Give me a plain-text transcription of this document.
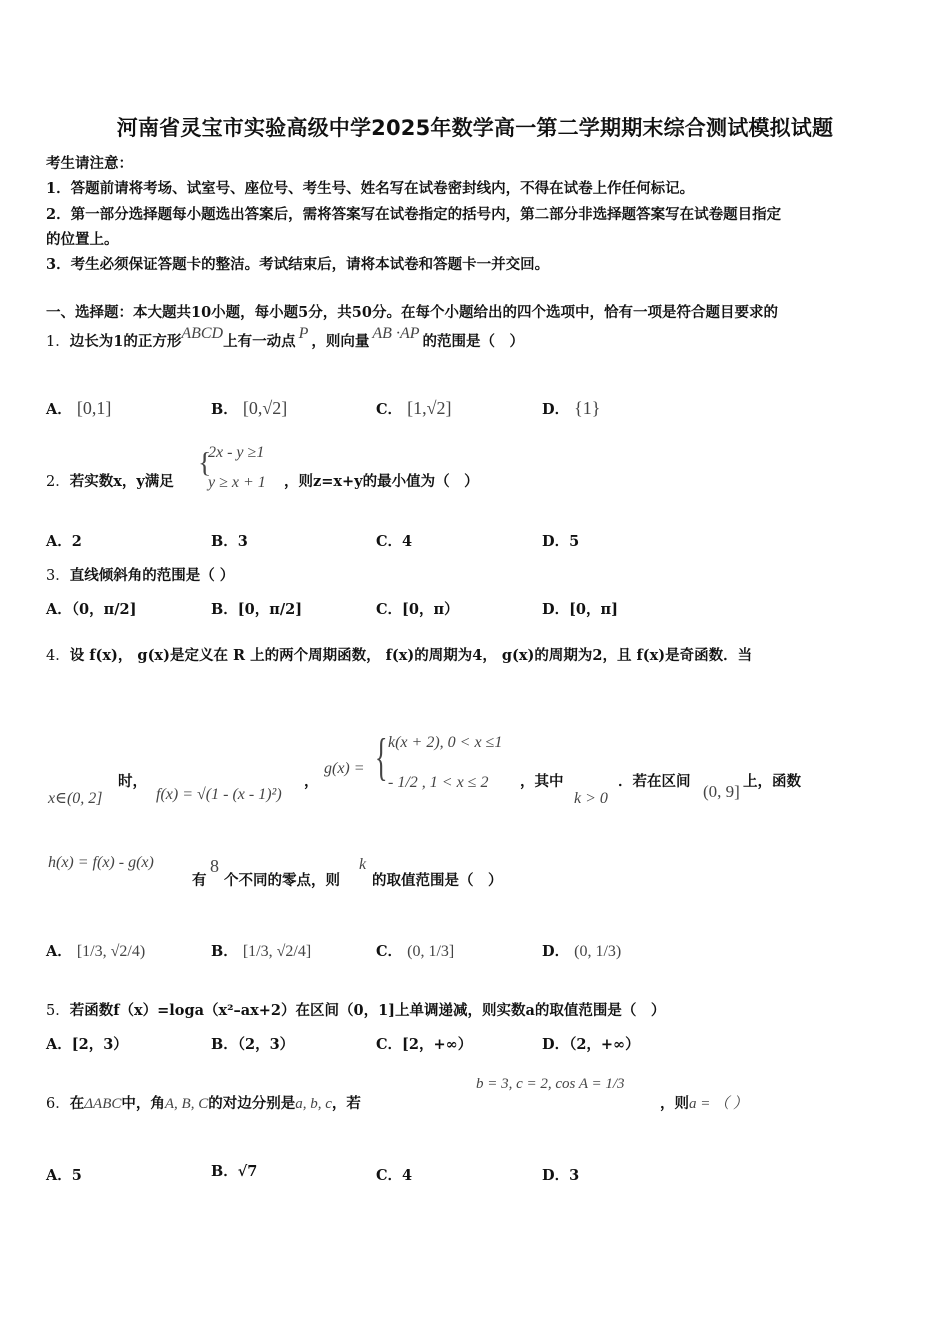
河南省灵宝市实验高级中学2025年数学高一第二学期期末综合测试模拟试题
考生请注意：
1．答题前请将考场、试室号、座位号、考生号、姓名写在试卷密封线内，不得在试卷上作任何标记。
2．第一部分选择题每小题选出答案后，需将答案写在试卷指定的括号内，第二部分非选择题答案写在试卷题目指定
的位置上。
3．考生必须保证答题卡的整洁。考试结束后，请将本试卷和答题卡一并交回。
一、选择题：本大题共10小题，每小题5分，共50分。在每个小题给出的四个选项中，恰有一项是符合题目要求的
1．边长为1的正方形ABCD上有一动点 P ，则向量 AB ·AP 的范围是（　）
A． [0,1]	B． [0,√2]	C． [1,√2]	D． {1}
2．若实数x，y满足
{
2x - y ≥1
y ≥ x + 1 ，则z=x+y的最小值为（　）
A．2	B．3	C．4	D．5
3．直线倾斜角的范围是（ ）
A．（0，π/2]	B．[0，π/2]	C．[0，π）	D．[0，π]
4．设 f(x)， g(x)是定义在 R 上的两个周期函数， f(x)的周期为4， g(x)的周期为2，且 f(x)是奇函数．当
x∈(0, 2]
时，
f(x) = √(1 - (x - 1)²)
，
g(x) = { k(x + 2), 0 < x ≤1
- 1/2 , 1 < x ≤ 2 ，其中
k > 0
．若在区间
(0, 9]
上，函数
h(x) = f(x) - g(x)
有
8
个不同的零点，则
k
的取值范围是（　）
A． [1/3, √2/4)	B． [1/3, √2/4]	C． (0, 1/3]	D． (0, 1/3)
5．若函数f（x）=loga（x²–ax+2）在区间（0，1]上单调递减，则实数a的取值范围是（　）
A．[2，3）	B．（2，3）	C．[2，+∞）	D．（2，+∞）
6．在ΔABC中，角A, B, C的对边分别是a, b, c，若
b = 3, c = 2, cos A = 1/3
，则a = （ ）
A．5	B．√7	C．4	D．3
